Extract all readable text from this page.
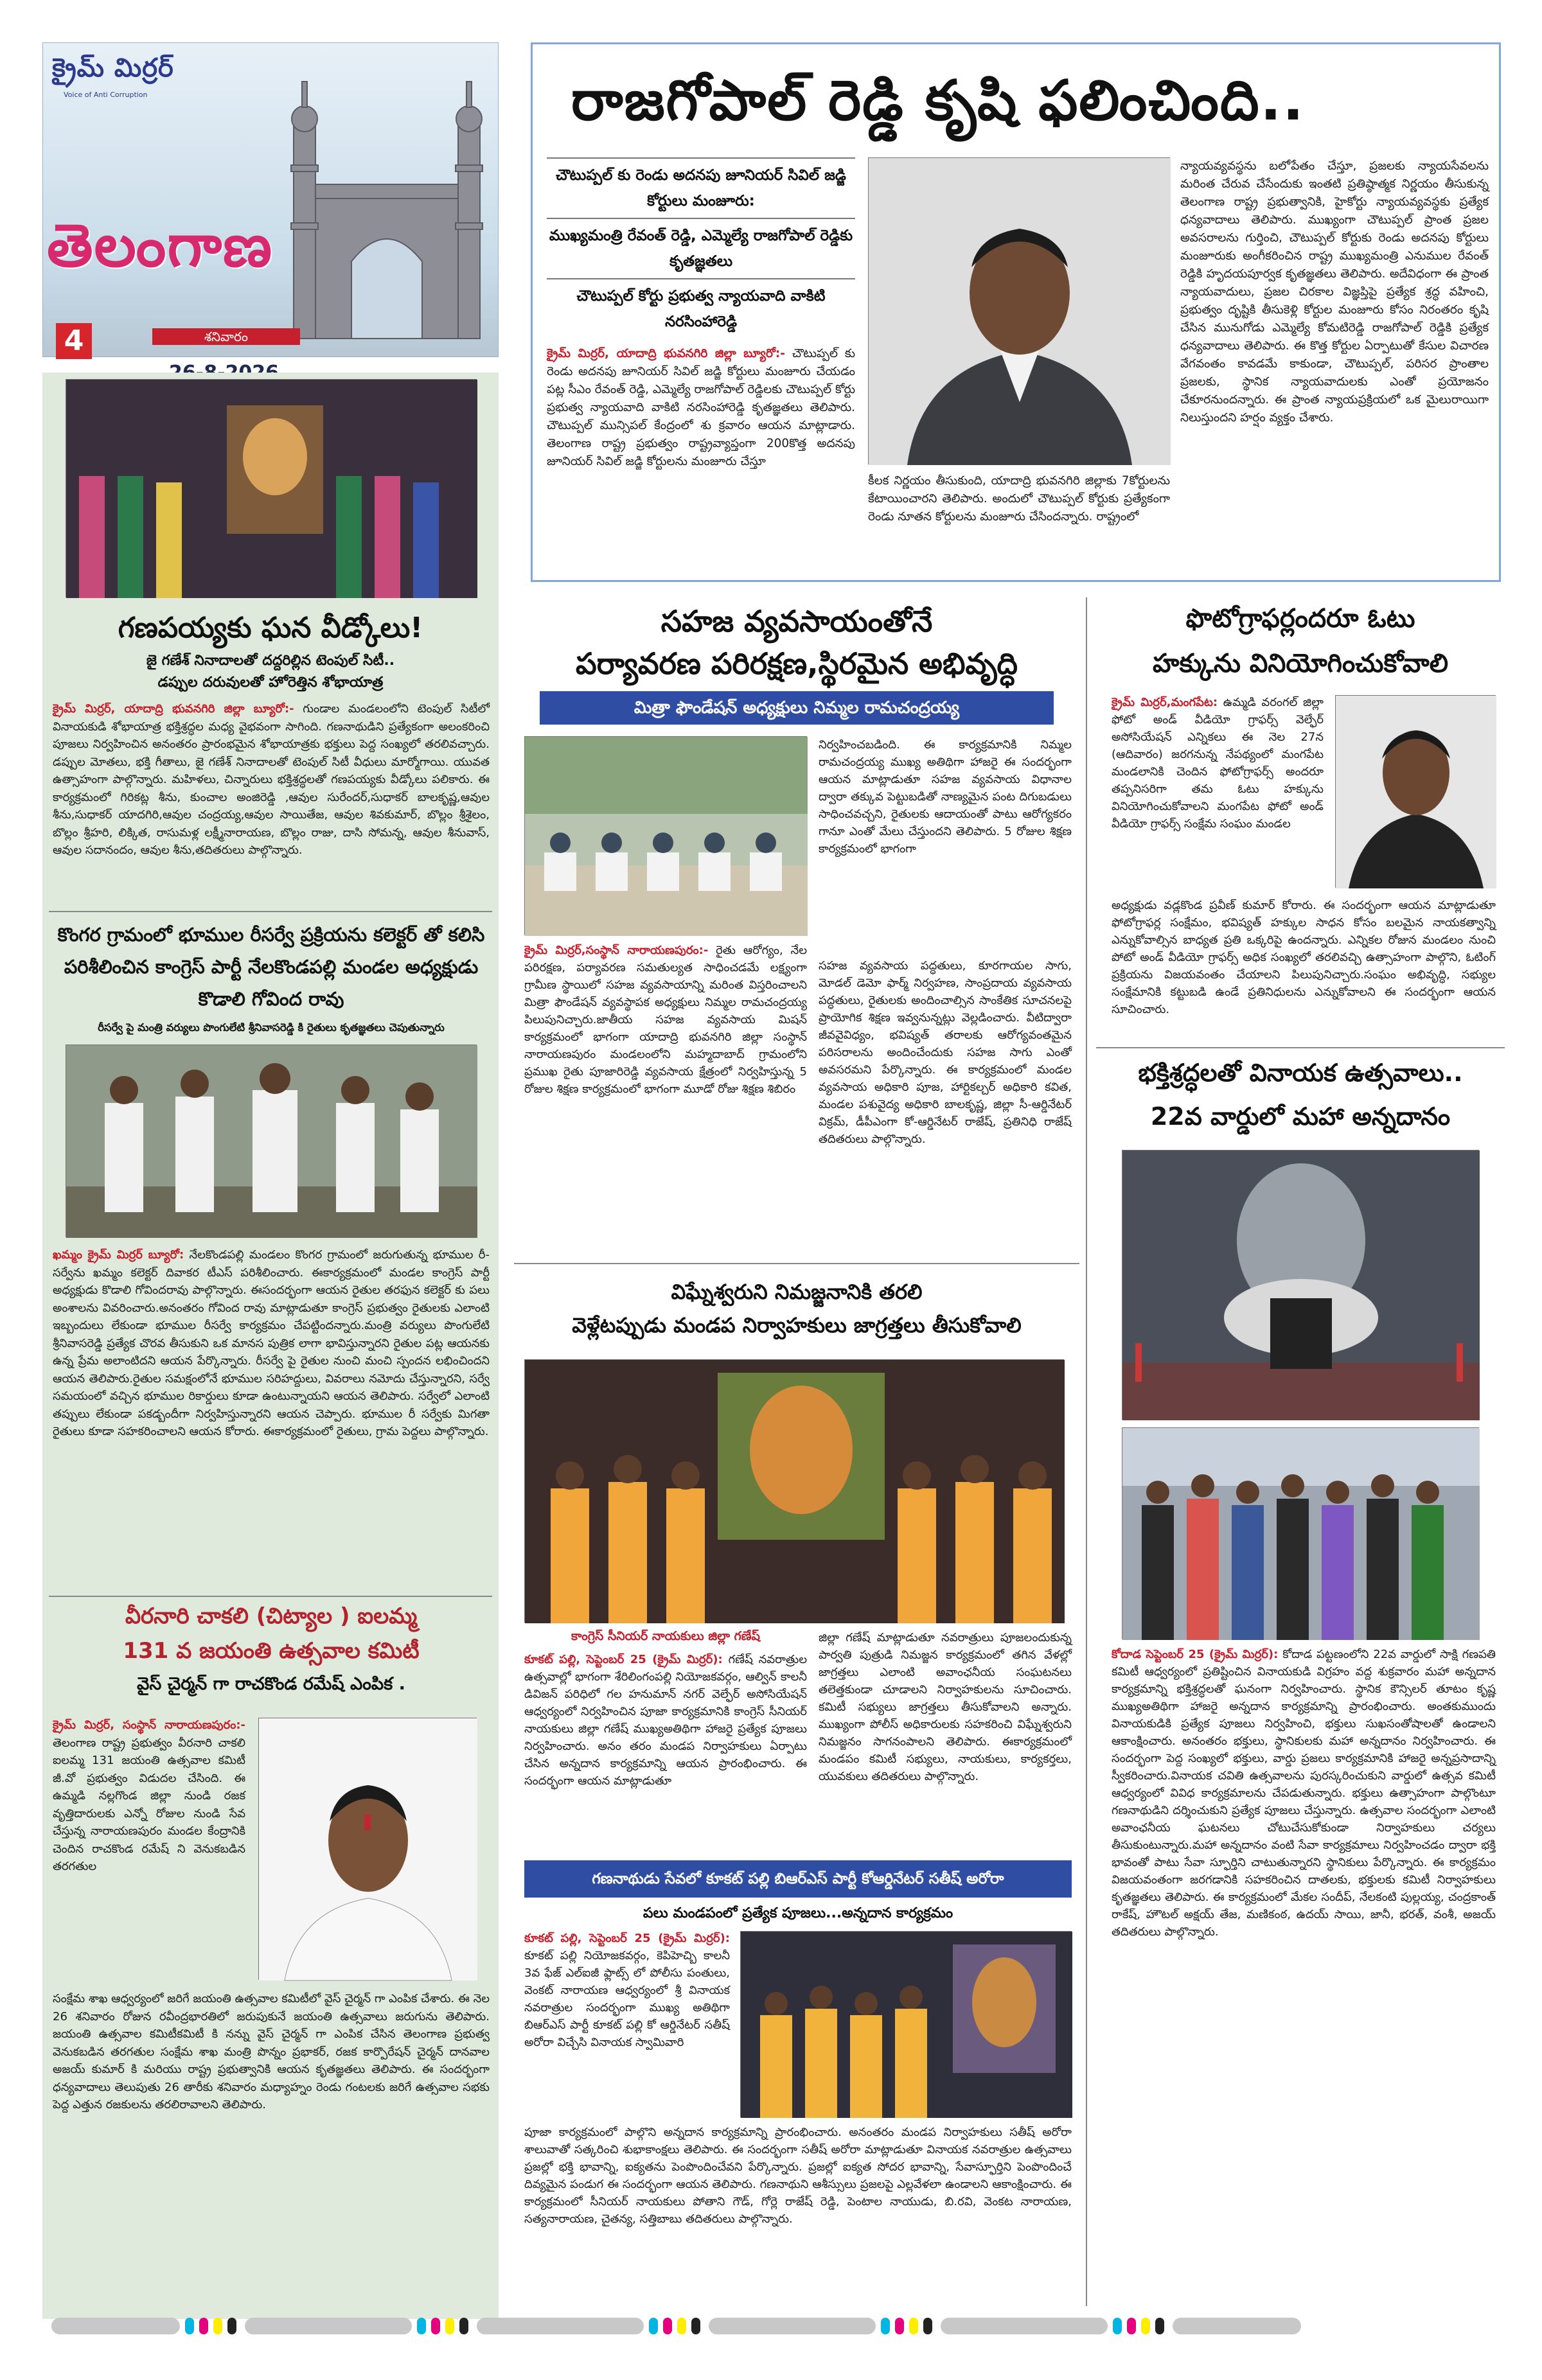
క్రైమ్ మిర్రర్
Voice of Anti Corruption
తెలంగాణ
4	శనివారం
రాజగోపాల్ రెడ్డి కృషి ఫలించింది..
చౌటుప్పల్ కు రెండు అదనపు జూనియర్ సివిల్ జడ్జి కోర్టులు మంజూరు:
ముఖ్యమంత్రి రేవంత్ రెడ్డి, ఎమ్మెల్యే రాజగోపాల్ రెడ్డికు కృతజ్ఞతలు
చౌటుప్పల్ కోర్టు ప్రభుత్వ న్యాయవాది వాకిటి నరసింహారెడ్డి
క్రైమ్ మిర్రర్, యాదాద్రి భువనగిరి జిల్లా బ్యూరో:- చౌటుప్పల్ కు రెండు అదనపు జూనియర్ సివిల్ జడ్జి కోర్టులు మంజూరు చేయడం పట్ల సీఎం రేవంత్ రెడ్డి, ఎమ్మెల్యే రాజగోపాల్ రెడ్డిలకు చౌటుప్పల్ కోర్టు ప్రభుత్వ న్యాయవాది వాకిటి నరసింహారెడ్డి కృతజ్ఞతలు తెలిపారు. చౌటుప్పల్ మున్సిపల్ కేంద్రంలో శు క్రవారం ఆయన మాట్లాడారు. తెలంగాణ రాష్ట్ర ప్రభుత్వం రాష్ట్రవ్యాప్తంగా 200కొత్త అదనపు జూనియర్ సివిల్ జడ్జి కోర్టులను మంజూరు చేస్తూ
కీలక నిర్ణయం తీసుకుంది, యాదాద్రి భువనగిరి జిల్లాకు 7కోర్టులను కేటాయించారని తెలిపారు. అందులో చౌటుప్పల్ కోర్టుకు ప్రత్యేకంగా రెండు నూతన కోర్టులను మంజూరు చేసిందన్నారు. రాష్ట్రంలో
న్యాయవ్యవస్థను బలోపేతం చేస్తూ, ప్రజలకు న్యాయసేవలను మరింత చేరువ చేసేందుకు ఇంతటి ప్రతిష్ఠాత్మక నిర్ణయం తీసుకున్న తెలంగాణ రాష్ట్ర ప్రభుత్వానికి, హైకోర్టు న్యాయవ్యవస్థకు ప్రత్యేక ధన్యవాదాలు తెలిపారు. ముఖ్యంగా చౌటుప్పల్ ప్రాంత ప్రజల అవసరాలను గుర్తించి, చౌటుప్పల్ కోర్టుకు రెండు అదనపు కోర్టులు మంజూరుకు అంగీకరించిన రాష్ట్ర ముఖ్యమంత్రి ఎనుముల రేవంత్ రెడ్డికి హృదయపూర్వక కృతజ్ఞతలు తెలిపారు. అదేవిధంగా ఈ ప్రాంత న్యాయవాదులు, ప్రజల చిరకాల విజ్ఞప్తిపై ప్రత్యేక శ్రద్ధ వహించి, ప్రభుత్వం దృష్టికి తీసుకెళ్లి కోర్టుల మంజూరు కోసం నిరంతరం కృషి చేసిన మునుగోడు ఎమ్మెల్యే కోమటిరెడ్డి రాజగోపాల్ రెడ్డికి ప్రత్యేక ధన్యవాదాలు తెలిపారు. ఈ కొత్త కోర్టుల ఏర్పాటుతో కేసుల విచారణ వేగవంతం కావడమే కాకుండా, చౌటుప్పల్, పరిసర ప్రాంతాల ప్రజలకు, స్థానిక న్యాయవాదులకు ఎంతో ప్రయోజనం చేకూరనుందన్నారు. ఈ ప్రాంత న్యాయప్రక్రియలో ఒక మైలురాయిగా నిలుస్తుందని హర్షం వ్యక్తం చేశారు.
గణపయ్యకు ఘన వీడ్కోలు!
జై గణేశ్ నినాదాలతో దద్దరిల్లిన టెంపుల్ సిటీ..
డప్పుల దరువులతో హోరెత్తిన శోభాయాత్ర
క్రైమ్ మిర్రర్, యాదాద్రి భువనగిరి జిల్లా బ్యూరో:- గుండాల మండలంలోని టెంపుల్ సిటీలో వినాయకుడి శోభాయాత్ర భక్తిశ్రద్ధల మధ్య వైభవంగా సాగింది. గణనాథుడిని ప్రత్యేకంగా అలంకరించి పూజలు నిర్వహించిన అనంతరం ప్రారంభమైన శోభాయాత్రకు భక్తులు పెద్ద సంఖ్యలో తరలివచ్చారు. డప్పుల మోతలు, భక్తి గీతాలు, జై గణేశ్ నినాదాలతో టెంపుల్ సిటీ వీధులు మార్మోగాయి. యువత ఉత్సాహంగా పాల్గొన్నారు. మహిళలు, చిన్నారులు భక్తిశ్రద్ధలతో గణపయ్యకు వీడ్కోలు పలికారు. ఈ కార్యక్రమంలో గిరికట్ల శీను, కుంచాల అంజిరెడ్డి ,ఆవుల సురేందర్,సుధాకర్ బాలకృష్ణ,ఆవుల శీను,సుధాకర్ యాదగిరి,ఆవుల చంద్రయ్య,ఆవుల సాయితేజ, ఆవుల శివకుమార్, బొల్లం శ్రీశైలం, బొల్లం శ్రీహరి, లిక్కిత, రాసుమళ్ల లక్ష్మీనారాయణ, బొల్లం రాజు, దాసి సోమన్న, ఆవుల శీనువాస్, ఆవుల సదానందం, ఆవుల శీను,తదితరులు పాల్గొన్నారు.
కొంగర గ్రామంలో భూముల రీసర్వే ప్రక్రియను కలెక్టర్ తో కలిసి పరిశీలించిన కాంగ్రెస్ పార్టీ నేలకొండపల్లి మండల అధ్యక్షుడు కొడాలి గోవింద రావు
రీసర్వే పై మంత్రి వర్యులు పొంగులేటి శ్రీనివాసరెడ్డి కి రైతులు కృతజ్ఞతలు చెపుతున్నారు
ఖమ్మం క్రైమ్ మిర్రర్ బ్యూరో: నేలకొండపల్లి మండలం కొంగర గ్రామంలో జరుగుతున్న భూముల రీ-సర్వేను ఖమ్మం కలెక్టర్ దివాకర టీఎస్ పరిశీలించారు. ఈకార్యక్రమంలో మండల కాంగ్రెస్ పార్టీ అధ్యక్షుడు కొడాలి గోవిందరావు పాల్గొన్నారు. ఈసందర్భంగా ఆయన రైతుల తరఫున కలెక్టర్ కు పలు అంశాలను వివరించారు.అనంతరం గోవింద రావు మాట్లాడుతూ కాంగ్రెస్ ప్రభుత్వం రైతులకు ఎలాంటి ఇబ్బందులు లేకుండా భూముల రీసర్వే కార్యక్రమం చేపట్టిందన్నారు.మంత్రి వర్యులు పొంగులేటి శ్రీనివాసరెడ్డి ప్రత్యేక చొరవ తీసుకుని ఒక మానస పుత్రిక లాగా భావిస్తున్నారని రైతుల పట్ల ఆయనకు ఉన్న ప్రేమ అలాంటిదని ఆయన పేర్కొన్నారు. రీసర్వే పై రైతుల నుంచి మంచి స్పందన లభించిందని ఆయన తెలిపారు.రైతుల సమక్షంలోనే భూముల సరిహద్దులు, వివరాలు నమోదు చేస్తున్నారని, సర్వే సమయంలో వచ్చిన భూముల రికార్డులు కూడా ఉంటున్నాయని ఆయన తెలిపారు. సర్వేలో ఎలాంటి తప్పులు లేకుండా పకడ్బందీగా నిర్వహిస్తున్నారని ఆయన చెప్పారు. భూముల రీ సర్వేకు మిగతా రైతులు కూడా సహకరించాలని ఆయన కోరారు. ఈకార్యక్రమంలో రైతులు, గ్రామ పెద్దలు పాల్గొన్నారు.
వీరనారి చాకలి (చిట్యాల ) ఐలమ్మ
131 వ జయంతి ఉత్సవాల కమిటీ
వైస్ చైర్మన్ గా రాచకొండ రమేష్ ఎంపిక .
క్రైమ్ మిర్రర్, సంస్థాన్ నారాయణపురం:- తెలంగాణ రాష్ట్ర ప్రభుత్వం వీరనారి చాకలి ఐలమ్మ 131 జయంతి ఉత్సవాల కమిటీ జీ.వో ప్రభుత్వం విడుదల చేసింది. ఈ ఉమ్మడి నల్లగొండ జిల్లా నుండి రజక వృత్తిదారులకు ఎన్నో రోజుల నుండి సేవ చేస్తున్న నారాయణపురం మండల కేంద్రానికి చెందిన రాచకొండ రమేష్ ని వెనుకబడిన తరగతుల
సంక్షేమ శాఖ ఆధ్వర్యంలో జరిగే జయంతి ఉత్సవాల కమిటీలో వైస్ చైర్మన్ గా ఎంపిక చేశారు. ఈ నెల 26 శనివారం రోజున రవీంద్రభారతిలో జరుపుకునే జయంతి ఉత్సవాలు జరుగును తెలిపారు. జయంతి ఉత్సవాల కమిటీకమిటీ కి నన్ను వైస్ చైర్మన్ గా ఎంపిక చేసిన తెలంగాణ ప్రభుత్వ వెనుకబడిన తరగతుల సంక్షేమ శాఖ మంత్రి పొన్నం ప్రభాకర్, రజక కార్పొరేషన్ చైర్మన్ దానవాల అజయ్ కుమార్ కి మరియు రాష్ట్ర ప్రభుత్వానికి ఆయన కృతజ్ఞతలు తెలిపారు. ఈ సందర్భంగా ధన్యవాదాలు తెలుపుతు 26 తారీకు శనివారం మధ్యాహ్నం రెండు గంటలకు జరిగే ఉత్సవాల సభకు పెద్ద ఎత్తున రజకులను తరలిరావాలని తెలిపారు.
సహజ వ్యవసాయంతోనే
పర్యావరణ పరిరక్షణ,స్థిరమైన అభివృద్ధి
మిత్రా ఫౌండేషన్ అధ్యక్షులు నిమ్మల రామచంద్రయ్య
క్రైమ్ మిర్రర్,సంస్థాన్ నారాయణపురం:- రైతు ఆరోగ్యం, నేల పరిరక్షణ, పర్యావరణ సమతుల్యత సాధించడమే లక్ష్యంగా గ్రామీణ స్థాయిలో సహజ వ్యవసాయాన్ని మరింత విస్తరించాలని మిత్రా ఫౌండేషన్ వ్యవస్థాపక అధ్యక్షులు నిమ్మల రామచంద్రయ్య పిలుపునిచ్చారు.జాతీయ సహజ వ్యవసాయ మిషన్ కార్యక్రమంలో భాగంగా యాదాద్రి భువనగిరి జిల్లా సంస్థాన్ నారాయణపురం మండలంలోని మహ్మదాబాద్ గ్రామంలోని ప్రముఖ రైతు పూజారిరెడ్డి వ్యవసాయ క్షేత్రంలో నిర్వహిస్తున్న 5 రోజుల శిక్షణ కార్యక్రమంలో భాగంగా మూడో రోజు శిక్షణ శిబిరం
నిర్వహించబడింది. ఈ కార్యక్రమానికి నిమ్మల రామచంద్రయ్య ముఖ్య అతిథిగా హాజరై ఈ సందర్భంగా ఆయన మాట్లాడుతూ సహజ వ్యవసాయ విధానాల ద్వారా తక్కువ పెట్టుబడితో నాణ్యమైన పంట దిగుబడులు సాధించవచ్చని, రైతులకు ఆదాయంతో పాటు ఆరోగ్యకరం గానూ ఎంతో మేలు చేస్తుందని తెలిపారు. 5 రోజుల శిక్షణ కార్యక్రమంలో భాగంగా
సహజ వ్యవసాయ పద్ధతులు, కూరగాయల సాగు, మోడల్ డెమో ఫార్మ్ నిర్వహణ, సాంప్రదాయ వ్యవసాయ పద్ధతులు, రైతులకు అందించాల్సిన సాంకేతిక సూచనలపై ప్రాయోగిక శిక్షణ ఇవ్వనున్నట్లు వెల్లడించారు. వీటిద్వారా జీవవైవిధ్యం, భవిష్యత్ తరాలకు ఆరోగ్యవంతమైన పరిసరాలను అందించేందుకు సహజ సాగు ఎంతో అవసరమని పేర్కొన్నారు. ఈ కార్యక్రమంలో మండల వ్యవసాయ అధికారి పూజ, హార్టికల్చర్ అధికారి కవిత, మండల పశువైద్య అధికారి బాలకృష్ణ, జిల్లా సీ-ఆర్డినేటర్ విక్రమ్, డీపీఎంగా కో-ఆర్డినేటర్ రాజేష్, ప్రతినిధి రాజేష్ తదితరులు పాల్గొన్నారు.
విఘ్నేశ్వరుని నిమజ్జనానికి తరలి
వెళ్లేటప్పుడు మండప నిర్వాహకులు జాగ్రత్తలు తీసుకోవాలి
కాంగ్రెస్ సీనియర్ నాయకులు జిల్లా గణేష్
కూకట్ పల్లి, సెప్టెంబర్ 25 (క్రైమ్ మిర్రర్): గణేష్ నవరాత్రుల ఉత్సవాల్లో భాగంగా శేరిలింగంపల్లి నియోజకవర్గం, ఆల్విన్ కాలనీ డివిజన్ పరిధిలో గల హనుమాన్ నగర్ వెల్ఫేర్ అసోసియేషన్ ఆధ్వర్యంలో నిర్వహించిన పూజా కార్యక్రమానికి కాంగ్రెస్ సీనియర్ నాయకులు జిల్లా గణేష్ ముఖ్యఅతిథిగా హాజరై ప్రత్యేక పూజలు నిర్వహించారు. అనం తరం మండప నిర్వాహకులు ఏర్పాటు చేసిన అన్నదాన కార్యక్రమాన్ని ఆయన ప్రారంభించారు. ఈ సందర్భంగా ఆయన మాట్లాడుతూ
జిల్లా గణేష్ మాట్లాడుతూ నవరాత్రులు పూజలందుకున్న పార్వతి పుత్రుడి నిమజ్జన కార్యక్రమంలో తగిన వేళల్లో జాగ్రత్తలు ఎలాంటి అవాంఛనీయ సంఘటనలు తలెత్తకుండా చూడాలని నిర్వాహకులను సూచించారు. కమిటీ సభ్యులు జాగ్రత్తలు తీసుకోవాలని అన్నారు. ముఖ్యంగా పోలీస్ అధికారులకు సహకరించి విఘ్నేశ్వరుని నిమజ్జనం సాగనంపాలని తెలిపారు. ఈకార్యక్రమంలో మండపం కమిటీ సభ్యులు, నాయకులు, కార్యకర్తలు, యువకులు తదితరులు పాల్గొన్నారు.
గణనాథుడు సేవలో కూకట్ పల్లి బిఆర్ఎస్ పార్టీ కోఆర్డినేటర్ సతీష్ అరోరా
పలు మండపంలో ప్రత్యేక పూజలు...అన్నదాన కార్యక్రమం
కూకట్ పల్లి, సెప్టెంబర్ 25 (క్రైమ్ మిర్రర్): కూకట్ పల్లి నియోజకవర్గం, కెపిహెచ్బి కాలనీ 3వ ఫేజ్ ఎల్ఐజీ ఫ్లాట్స్ లో పోలీసు పంతులు, వెంకట్ నారాయణ ఆధ్వర్యంలో శ్రీ వినాయక నవరాత్రుల సందర్భంగా ముఖ్య అతిథిగా బిఆర్ఎస్ పార్టీ కూకట్ పల్లి కో ఆర్డినేటర్ సతీష్ అరోరా విచ్చేసి వినాయక స్వామివారి
పూజా కార్యక్రమంలో పాల్గొని అన్నదాన కార్యక్రమాన్ని ప్రారంభించారు. అనంతరం మండప నిర్వాహకులు సతీష్ అరోరా శాలువాతో సత్కరించి శుభాకాంక్షలు తెలిపారు. ఈ సందర్భంగా సతీష్ అరోరా మాట్లాడుతూ వినాయక నవరాత్రుల ఉత్సవాలు ప్రజల్లో భక్తి భావాన్ని, ఐక్యతను పెంపొందించేవని పేర్కొన్నారు. ప్రజల్లో ఐక్యత సోదర భావాన్ని, సేవాస్ఫూర్తిని పెంపొందించే దివ్యమైన పండుగ ఈ సందర్భంగా ఆయన తెలిపారు. గణనాథుని ఆశీస్సులు ప్రజలపై ఎల్లవేళలా ఉండాలని ఆకాంక్షించారు. ఈ కార్యక్రమంలో సీనియర్ నాయకులు పోతాని గౌడ్, గోర్లె రాజేష్ రెడ్డి, పెంటాల నాయుడు, బి.రవి, వెంకట నారాయణ, సత్యనారాయణ, చైతన్య, సత్తిబాబు తదితరులు పాల్గొన్నారు.
ఫొటోగ్రాఫర్లందరూ ఓటు
హక్కును వినియోగించుకోవాలి
క్రైమ్ మిర్రర్,మంగపేట: ఉమ్మడి వరంగల్ జిల్లా ఫోటో అండ్ వీడియో గ్రాఫర్స్ వెల్ఫేర్ అసోసియేషన్ ఎన్నికలు ఈ నెల 27న (ఆదివారం) జరగనున్న నేపథ్యంలో మంగపేట మండలానికి చెందిన ఫోటోగ్రాఫర్స్ అందరూ తప్పనిసరిగా తమ ఓటు హక్కును వినియోగించుకోవాలని మంగపేట ఫోటో అండ్ వీడియో గ్రాఫర్స్ సంక్షేమ సంఘం మండల
అధ్యక్షుడు వడ్లకొండ ప్రవీణ్ కుమార్ కోరారు. ఈ సందర్భంగా ఆయన మాట్లాడుతూ ఫోటోగ్రాఫర్ల సంక్షేమం, భవిష్యత్ హక్కుల సాధన కోసం బలమైన నాయకత్వాన్ని ఎన్నుకోవాల్సిన బాధ్యత ప్రతి ఒక్కరిపై ఉందన్నారు. ఎన్నికల రోజున మండలం నుంచి పోటో అండ్ వీడియో గ్రాఫర్స్ అధిక సంఖ్యలో తరలివచ్చి ఉత్సాహంగా పాల్గొని, ఓటింగ్ ప్రక్రియను విజయవంతం చేయాలని పిలుపునిచ్చారు.సంఘం అభివృద్ధి, సభ్యుల సంక్షేమానికి కట్టుబడి ఉండే ప్రతినిధులను ఎన్నుకోవాలని ఈ సందర్భంగా ఆయన సూచించారు.
భక్తిశ్రద్ధలతో వినాయక ఉత్సవాలు..
22వ వార్డులో మహా అన్నదానం
కోదాడ సెప్టెంబర్ 25 (క్రైమ్ మిర్రర్): కోదాడ పట్టణంలోని 22వ వార్డులో సాక్షి గణపతి కమిటీ ఆధ్వర్యంలో ప్రతిష్టించిన వినాయకుడి విగ్రహం వద్ద శుక్రవారం మహా అన్నదాన కార్యక్రమాన్ని భక్తిశ్రద్ధలతో ఘనంగా నిర్వహించారు. స్థానిక కౌన్సిలర్ తూటం కృష్ణ ముఖ్యఅతిథిగా హాజరై అన్నదాన కార్యక్రమాన్ని ప్రారంభించారు. అంతకుముందు వినాయకుడికి ప్రత్యేక పూజలు నిర్వహించి, భక్తులు సుఖసంతోషాలతో ఉండాలని ఆకాంక్షించారు. అనంతరం భక్తులు, స్థానికులకు మహా అన్నదానం నిర్వహించారు. ఈ సందర్భంగా పెద్ద సంఖ్యలో భక్తులు, వార్డు ప్రజలు కార్యక్రమానికి హాజరై అన్నప్రసాదాన్ని స్వీకరించారు.వినాయక చవితి ఉత్సవాలను పురస్కరించుకుని వార్డులో ఉత్సవ కమిటీ ఆధ్వర్యంలో వివిధ కార్యక్రమాలను చేపడుతున్నారు. భక్తులు ఉత్సాహంగా పాల్గొంటూ గణనాథుడిని దర్శించుకుని ప్రత్యేక పూజలు చేస్తున్నారు. ఉత్సవాల సందర్భంగా ఎలాంటి అవాంఛనీయ ఘటనలు చోటుచేసుకోకుండా నిర్వాహకులు చర్యలు తీసుకుంటున్నారు.మహా అన్నదానం వంటి సేవా కార్యక్రమాలు నిర్వహించడం ద్వారా భక్తి భావంతో పాటు సేవా స్ఫూర్తిని చాటుతున్నారని స్థానికులు పేర్కొన్నారు. ఈ కార్యక్రమం విజయవంతంగా జరగడానికి సహకరించిన దాతలకు, భక్తులకు కమిటీ నిర్వాహకులు కృతజ్ఞతలు తెలిపారు. ఈ కార్యక్రమంలో మేకల సందీప్, నేలకంటి పుల్లయ్య, చంద్రకాంత్ రాకేష్, హౌటల్ అక్షయ్ తేజ, మణికంఠ, ఉదయ్ సాయి, జానీ, భరత్, వంశీ, అజయ్ తదితరులు పాల్గొన్నారు.
